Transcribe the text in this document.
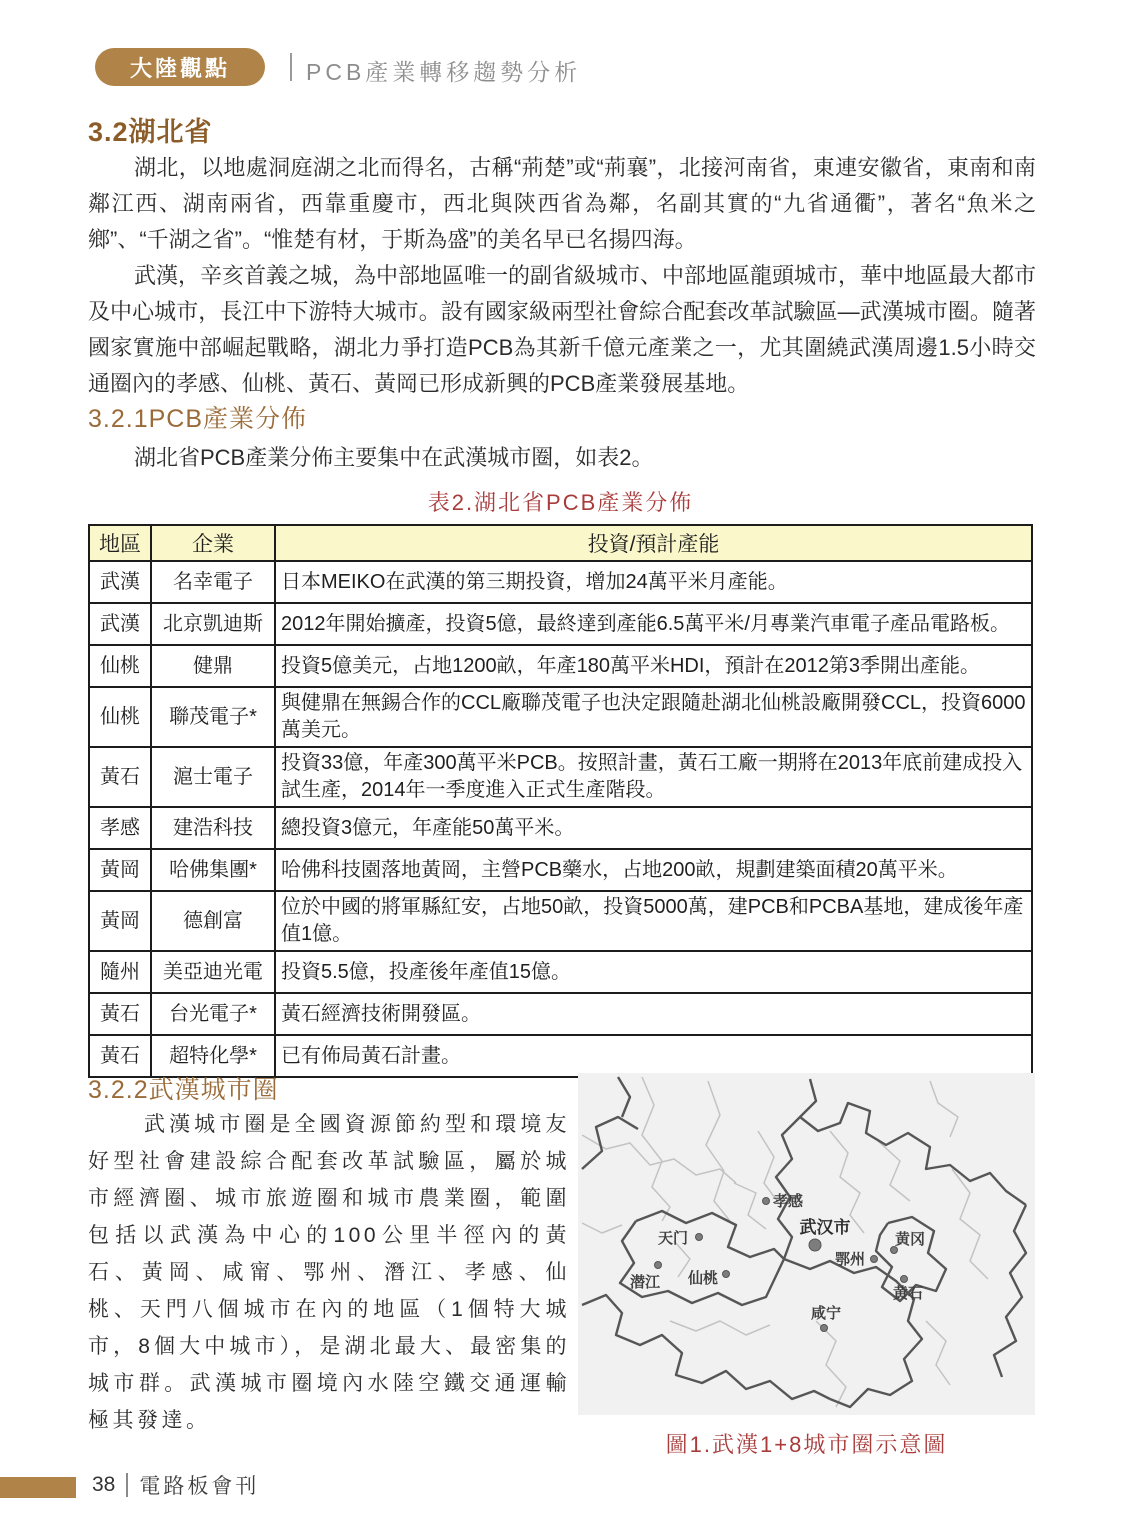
大陸觀點	PCB產業轉移趨勢分析
3.2湖北省

湖北，以地處洞庭湖之北而得名，古稱“荊楚”或“荊襄”，北接河南省，東連安徽省，東南和南鄰江西、湖南兩省，西靠重慶市，西北與陝西省為鄰，名副其實的“九省通衢”，著名“魚米之鄉”、“千湖之省”。“惟楚有材，于斯為盛”的美名早已名揚四海。

武漢，辛亥首義之城，為中部地區唯一的副省級城市、中部地區龍頭城市，華中地區最大都市及中心城市，長江中下游特大城市。設有國家級兩型社會綜合配套改革試驗區—武漢城市圈。隨著國家實施中部崛起戰略，湖北力爭打造PCB為其新千億元產業之一，尤其圍繞武漢周邊1.5小時交通圈內的孝感、仙桃、黃石、黃岡已形成新興的PCB產業發展基地。

3.2.1PCB產業分佈

湖北省PCB產業分佈主要集中在武漢城市圈，如表2。

表2.湖北省PCB產業分佈
地區	企業	投資/預計產能
武漢	名幸電子	日本MEIKO在武漢的第三期投資，增加24萬平米月產能。
武漢	北京凱迪斯	2012年開始擴產，投資5億，最終達到產能6.5萬平米/月專業汽車電子產品電路板。
仙桃	健鼎	投資5億美元，占地1200畝，年產180萬平米HDI，預計在2012第3季開出產能。
仙桃	聯茂電子*	與健鼎在無錫合作的CCL廠聯茂電子也決定跟隨赴湖北仙桃設廠開發CCL，投資6000萬美元。
黃石	滬士電子	投資33億，年產300萬平米PCB。按照計畫，黃石工廠一期將在2013年底前建成投入試生產，2014年一季度進入正式生產階段。
孝感	建浩科技	總投資3億元，年產能50萬平米。
黃岡	哈佛集團*	哈佛科技園落地黃岡，主營PCB藥水，占地200畝，規劃建築面積20萬平米。
黃岡	德創富	位於中國的將軍縣紅安，占地50畝，投資5000萬，建PCB和PCBA基地，建成後年產值1億。
隨州	美亞迪光電	投資5.5億，投產後年產值15億。
黃石	台光電子*	黃石經濟技術開發區。
黃石	超特化學*	已有佈局黃石計畫。
3.2.2武漢城市圈

武漢城市圈是全國資源節約型和環境友好型社會建設綜合配套改革試驗區，屬於城市經濟圈、城市旅遊圈和城市農業圈，範圍包括以武漢為中心的100公里半徑內的黃石、黃岡、咸甯、鄂州、潛江、孝感、仙桃、天門八個城市在內的地區（1個特大城市，8個大中城市），是湖北最大、最密集的城市群。武漢城市圈境內水陸空鐵交通運輸極其發達。

孝感
武汉市
天门
潜江 仙桃
鄂州
黄冈
黄石
咸宁
圖1.武漢1+8城市圈示意圖
38 電路板會刊
